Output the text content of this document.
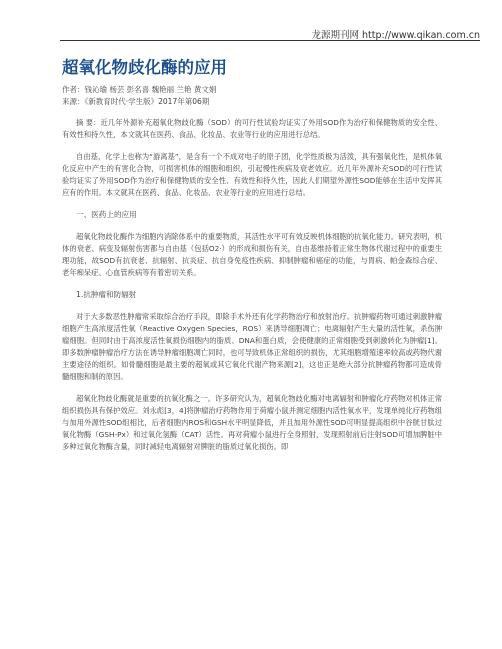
龙源期刊网 http://www.qikan.com.cn
超氧化物歧化酶的应用
作者：钱沁瑜 杨芸 彭名喜 魏艳丽 兰艳 黄文娟
来源：《新教育时代·学生版》2017年第06期

摘 要：近几年外源补充超氧化物歧化酶（SOD）的可行性试验均证实了外用SOD作为治疗和保健物质的安全性、有效性和持久性，本文就其在医药、食品、化妆品、农业等行业的应用进行总结。

自由基，化学上也称为“游离基”，是含有一个不成对电子的原子团，化学性质极为活泼，具有强氧化性，是机体氧化反应中产生的有害化合物，可损害机体的细胞和组织，引起慢性疾病及衰老效应。近几年外源补充SOD的可行性试验均证实了外用SOD作为治疗和保健物质的安全性、有效性和持久性，因此人们期望外源性SOD能够在生活中发挥其应有的作用。本文就其在医药、食品、化妆品、农业等行业的应用进行总结。

一、医药上的应用

超氧化物歧化酶作为细胞内消除体系中的重要物质，其活性水平可有效反映机体细胞的抗氧化能力。研究表明，机体的衰老、病变及辐射伤害都与自由基（包括O2·）的形成和损伤有关，自由基维持着正常生物体代谢过程中的重要生理功能，故SOD有抗衰老、抗辐射、抗炎症、抗自身免疫性疾病、抑制肿瘤和癌症的功能，与胃病、帕金森综合症、老年痴呆症、心血管疾病等有着密切关系。

1.抗肿瘤和防辐射

对于大多数恶性肿瘤常采取综合治疗手段，即除手术外还有化学药物治疗和放射治疗。抗肿瘤药物可通过刺激肿瘤细胞产生高浓度活性氧（Reactive Oxygen Species，ROS）来诱导细胞凋亡；电离辐射产生大量的活性氧，杀伤肿瘤细胞。但同时由于高浓度活性氧损伤细胞内的脂质、DNA和蛋白质，会使健康的正常细胞受到刺激转化为肿瘤[1]。即多数肿瘤肿瘤治疗方法在诱导肿瘤细胞凋亡同时，也可导致机体正常组织的损伤，尤其细胞增殖速率较高或药物代谢主要途径的组织。如骨髓细胞是最主要的超氧或其它氧化代谢产物来源[2]，这也正是绝大部分抗肿瘤药物都可造成骨髓细胞和制的原因。

超氧化物歧化酶就是重要的抗氧化酶之一。许多研究认为，超氧化物歧化酶对电离辐射和肿瘤化疗药物对机体正常组织损伤具有保护效应。刘永彪[3，4]将肿瘤治疗药物作用于荷瘤小鼠并测定细胞内活性氧水平，发现单纯化疗药物组与加用外源性SOD组相比，后者细胞内ROS和GSH水平明显降低，并且加用外源性SOD可明显提高组织中谷胱甘肽过氧化物酶（GSH-Px）和过氧化氢酶（CAT）活性。再对荷瘤小鼠进行全身照射，发现照射前后注射SOD可增加脾脏中多种过氧化物酶含量，同时减轻电离辐射对脾脏的脂质过氧化损伤。即
